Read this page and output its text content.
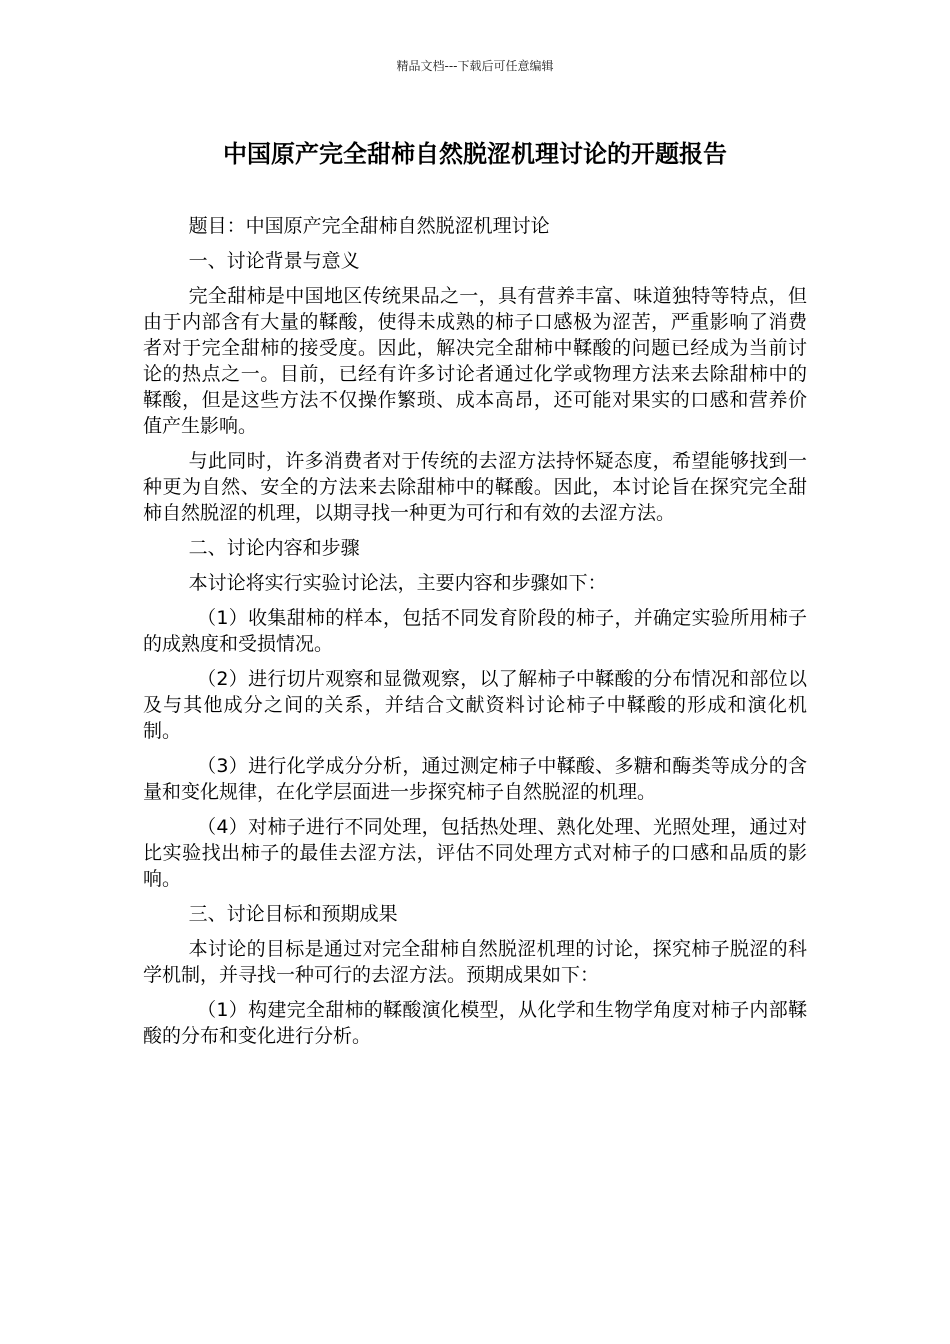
精品文档---下载后可任意编辑
中国原产完全甜柿自然脱涩机理讨论的开题报告

题目：中国原产完全甜柿自然脱涩机理讨论

一、讨论背景与意义

完全甜柿是中国地区传统果品之一，具有营养丰富、味道独特等特点，但由于内部含有大量的鞣酸，使得未成熟的柿子口感极为涩苦，严重影响了消费者对于完全甜柿的接受度。因此，解决完全甜柿中鞣酸的问题已经成为当前讨论的热点之一。目前，已经有许多讨论者通过化学或物理方法来去除甜柿中的鞣酸，但是这些方法不仅操作繁琐、成本高昂，还可能对果实的口感和营养价值产生影响。

与此同时，许多消费者对于传统的去涩方法持怀疑态度，希望能够找到一种更为自然、安全的方法来去除甜柿中的鞣酸。因此，本讨论旨在探究完全甜柿自然脱涩的机理，以期寻找一种更为可行和有效的去涩方法。

二、讨论内容和步骤

本讨论将实行实验讨论法，主要内容和步骤如下：

（1）收集甜柿的样本，包括不同发育阶段的柿子，并确定实验所用柿子的成熟度和受损情况。

（2）进行切片观察和显微观察，以了解柿子中鞣酸的分布情况和部位以及与其他成分之间的关系，并结合文献资料讨论柿子中鞣酸的形成和演化机制。

（3）进行化学成分分析，通过测定柿子中鞣酸、多糖和酶类等成分的含量和变化规律，在化学层面进一步探究柿子自然脱涩的机理。

（4）对柿子进行不同处理，包括热处理、熟化处理、光照处理，通过对比实验找出柿子的最佳去涩方法，评估不同处理方式对柿子的口感和品质的影响。

三、讨论目标和预期成果

本讨论的目标是通过对完全甜柿自然脱涩机理的讨论，探究柿子脱涩的科学机制，并寻找一种可行的去涩方法。预期成果如下：

（1）构建完全甜柿的鞣酸演化模型，从化学和生物学角度对柿子内部鞣酸的分布和变化进行分析。
